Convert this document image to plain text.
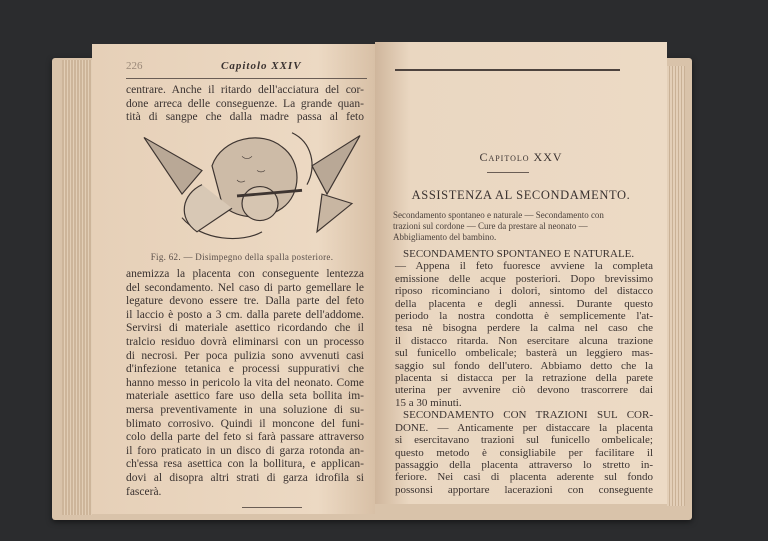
226	Capitolo XXIV
centrare. Anche il ritardo dell'acciatura del cor-
done arreca delle conseguenze. La grande quan-
tità di sangpe che dalla madre passa al feto
Fig. 62. — Disimpegno della spalla posteriore.
anemizza la placenta con conseguente lentezza
del secondamento. Nel caso di parto gemellare le
legature devono essere tre. Dalla parte del feto
il laccio è posto a 3 cm. dalla parete dell'addome.
Servirsi di materiale asettico ricordando che il
tralcio residuo dovrà eliminarsi con un processo
di necrosi. Per poca pulizia sono avvenuti casi
d'infezione tetanica e processi suppurativi che
hanno messo in pericolo la vita del neonato. Come
materiale asettico fare uso della seta bollita im-
mersa preventivamente in una soluzione di su-
blimato corrosivo. Quindi il moncone del funi-
colo della parte del feto si farà passare attraverso
il foro praticato in un disco di garza rotonda an-
ch'essa resa asettica con la bollitura, e applican-
dovi al disopra altri strati di garza idrofila si
fascerà.
Capitolo XXV
ASSISTENZA AL SECONDAMENTO.
Secondamento spontaneo e naturale — Secondamento con
trazioni sul cordone — Cure da prestare al neonato —
Abbigliamento del bambino.
SECONDAMENTO SPONTANEO E NATURALE.
— Appena il feto fuoresce avviene la completa
emissione delle acque posteriori. Dopo brevissimo
riposo ricominciano i dolori, sintomo del distacco
della placenta e degli annessi. Durante questo
periodo la nostra condotta è semplicemente l'at-
tesa nè bisogna perdere la calma nel caso che
il distacco ritarda. Non esercitare alcuna trazione
sul funicello ombelicale; basterà un leggiero mas-
saggio sul fondo dell'utero. Abbiamo detto che la
placenta si distacca per la retrazione della parete
uterina per avvenire ciò devono trascorrere dai
15 a 30 minuti.
SECONDAMENTO CON TRAZIONI SUL COR-
DONE. — Anticamente per distaccare la placenta
si esercitavano trazioni sul funicello ombelicale;
questo metodo è consigliabile per facilitare il
passaggio della placenta attraverso lo stretto in-
feriore. Nei casi di placenta aderente sul fondo
possonsi apportare lacerazioni con conseguente
